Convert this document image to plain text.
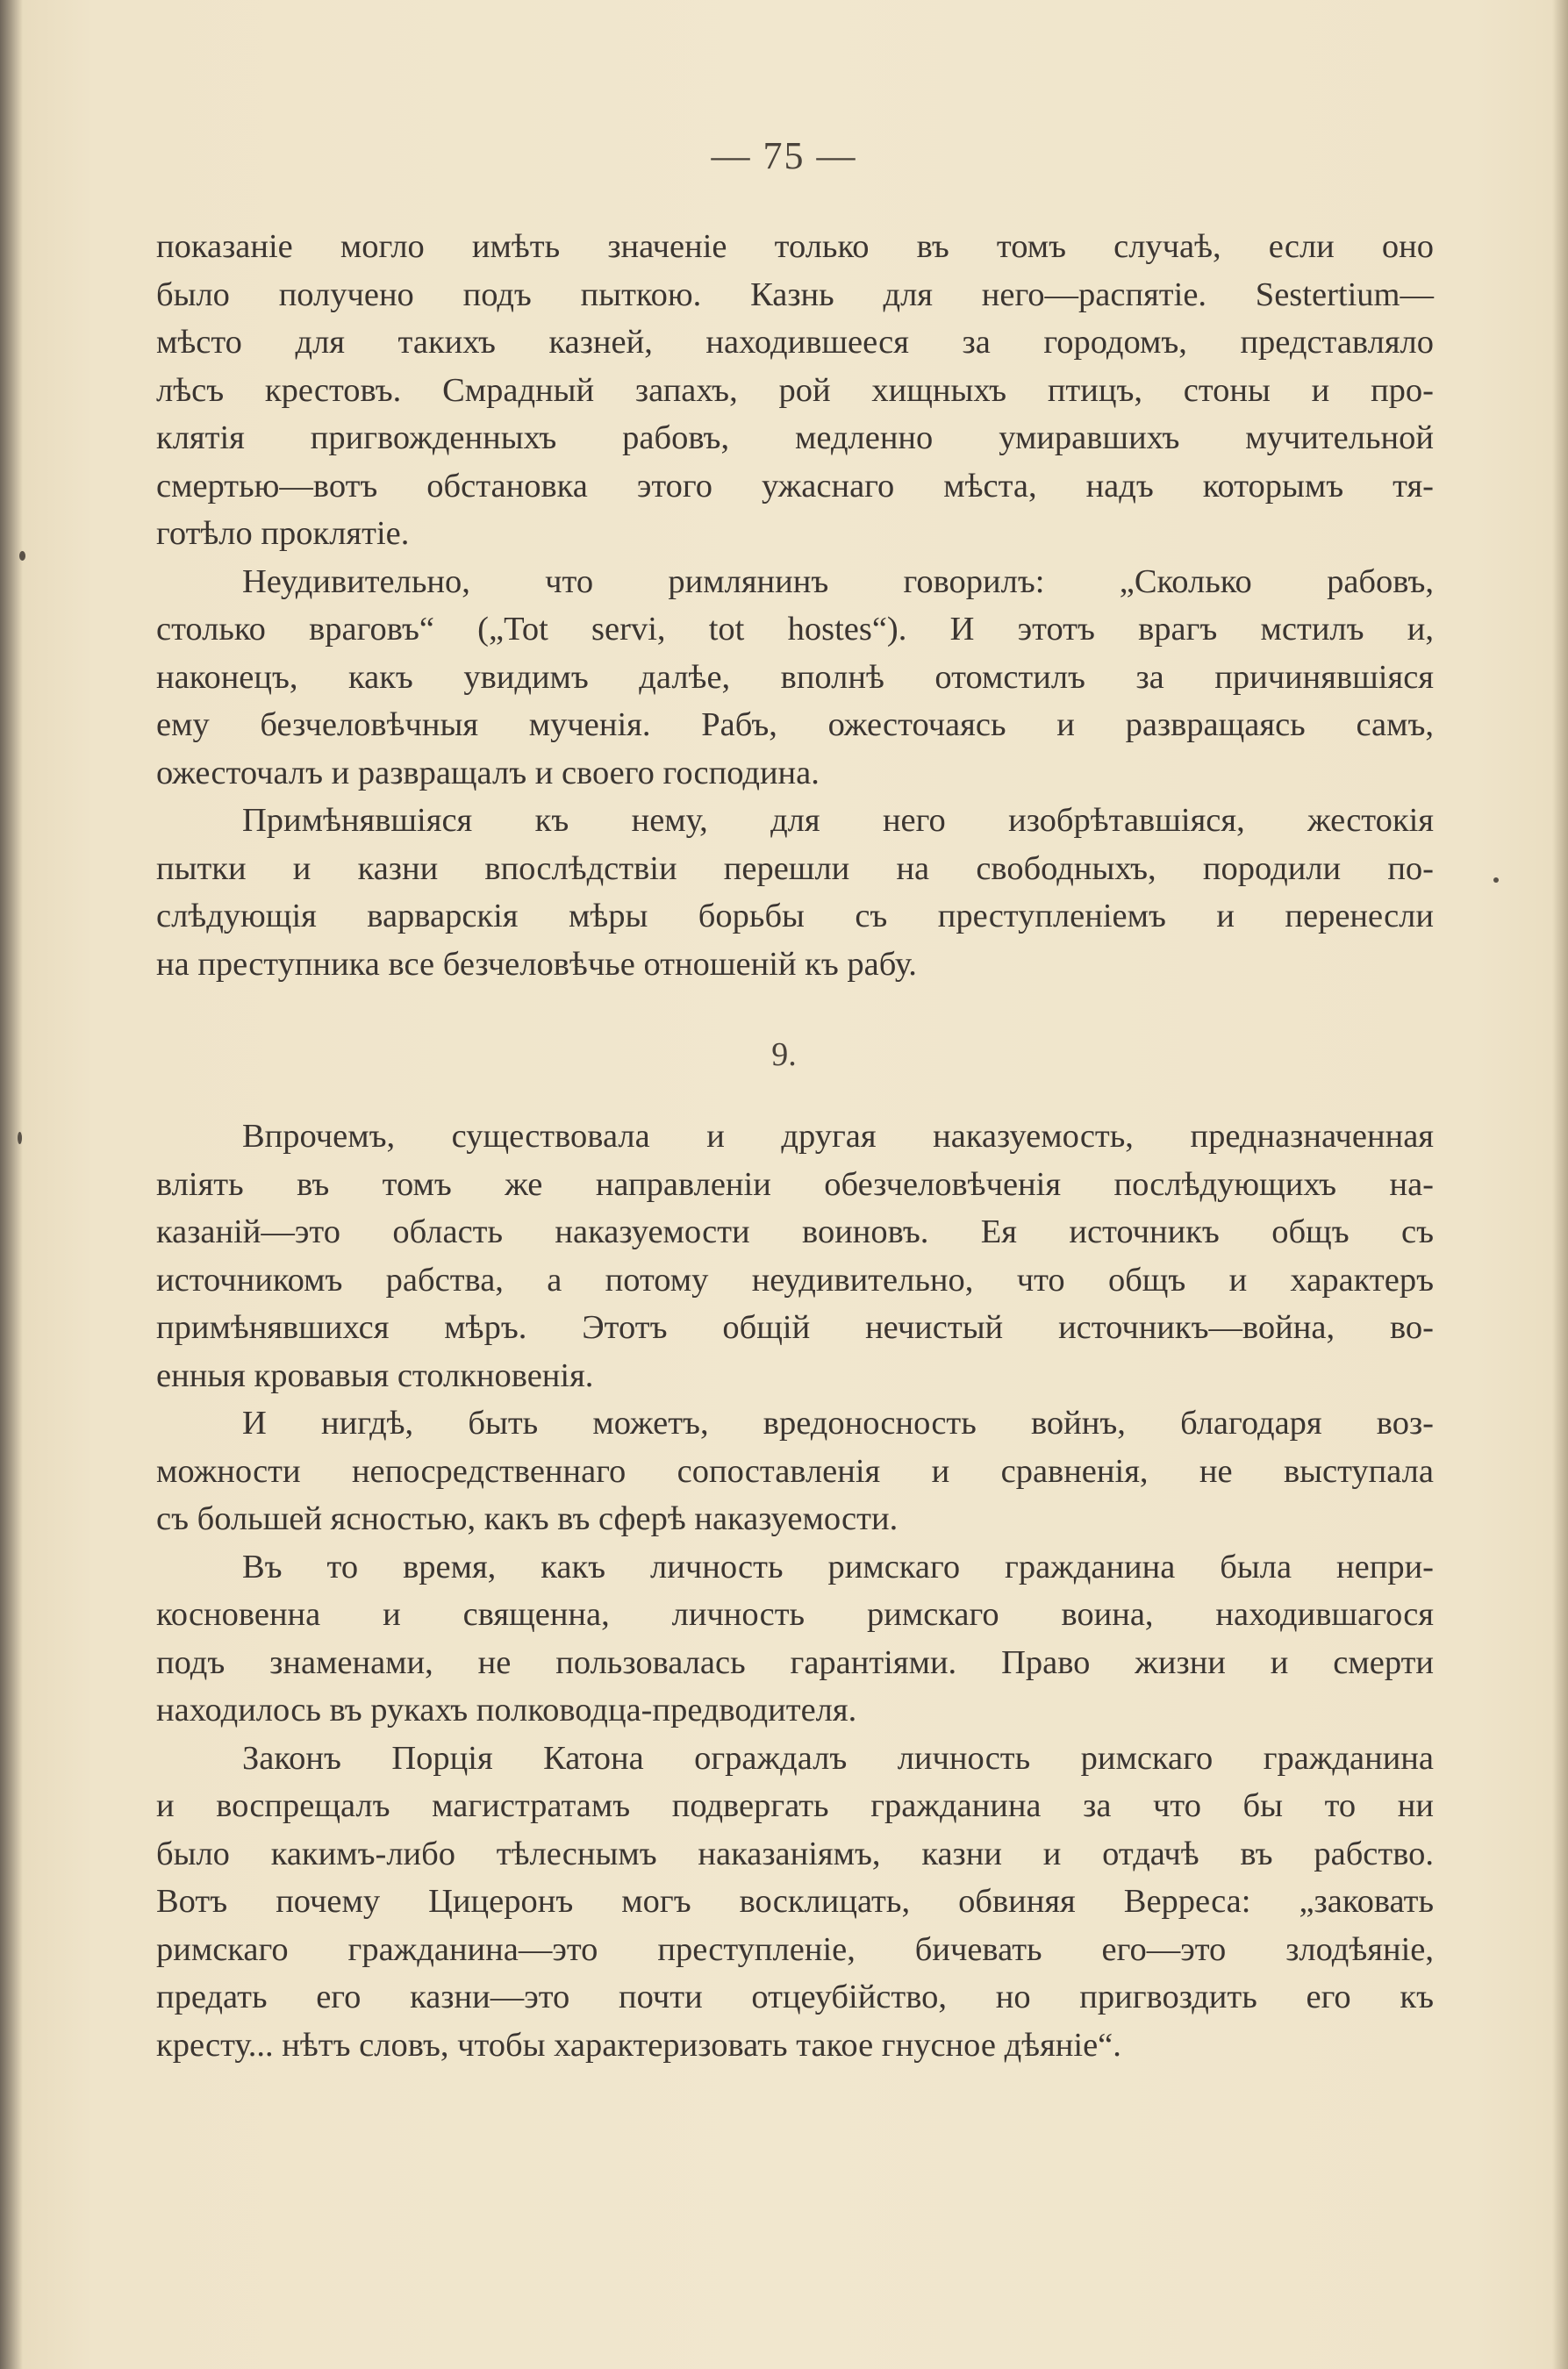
— 75 —
показаніе могло имѣть значеніе только въ томъ случаѣ, если оно
было получено подъ пыткою. Казнь для него—распятіе. Sestertium—
мѣсто для такихъ казней, находившееся за городомъ, представляло
лѣсъ крестовъ. Смрадный запахъ, рой хищныхъ птицъ, стоны и про-
клятія пригвожденныхъ рабовъ, медленно умиравшихъ мучительной
смертью—вотъ обстановка этого ужаснаго мѣста, надъ которымъ тя-
готѣло проклятіе.
Неудивительно, что римлянинъ говорилъ: „Сколько рабовъ,
столько враговъ“ („Tot servi, tot hostes“). И этотъ врагъ мстилъ и,
наконецъ, какъ увидимъ далѣе, вполнѣ отомстилъ за причинявшіяся
ему безчеловѣчныя мученія. Рабъ, ожесточаясь и развращаясь самъ,
ожесточалъ и развращалъ и своего господина.
Примѣнявшіяся къ нему, для него изобрѣтавшіяся, жестокія
пытки и казни впослѣдствіи перешли на свободныхъ, породили по-
слѣдующія варварскія мѣры борьбы съ преступленіемъ и перенесли
на преступника все безчеловѣчье отношеній къ рабу.
9.
Впрочемъ, существовала и другая наказуемость, предназначенная
вліять въ томъ же направленіи обезчеловѣченія послѣдующихъ на-
казаній—это область наказуемости воиновъ. Ея источникъ общъ съ
источникомъ рабства, а потому неудивительно, что общъ и характеръ
примѣнявшихся мѣръ. Этотъ общій нечистый источникъ—война, во-
енныя кровавыя столкновенія.
И нигдѣ, быть можетъ, вредоносность войнъ, благодаря воз-
можности непосредственнаго сопоставленія и сравненія, не выступала
съ большей ясностью, какъ въ сферѣ наказуемости.
Въ то время, какъ личность римскаго гражданина была непри-
косновенна и священна, личность римскаго воина, находившагося
подъ знаменами, не пользовалась гарантіями. Право жизни и смерти
находилось въ рукахъ полководца-предводителя.
Законъ Порція Катона ограждалъ личность римскаго гражданина
и воспрещалъ магистратамъ подвергать гражданина за что бы то ни
было какимъ-либо тѣлеснымъ наказаніямъ, казни и отдачѣ въ рабство.
Вотъ почему Цицеронъ могъ восклицать, обвиняя Верреса: „заковать
римскаго гражданина—это преступленіе, бичевать его—это злодѣяніе,
предать его казни—это почти отцеубійство, но пригвоздить его къ
кресту... нѣтъ словъ, чтобы характеризовать такое гнусное дѣяніе“.
